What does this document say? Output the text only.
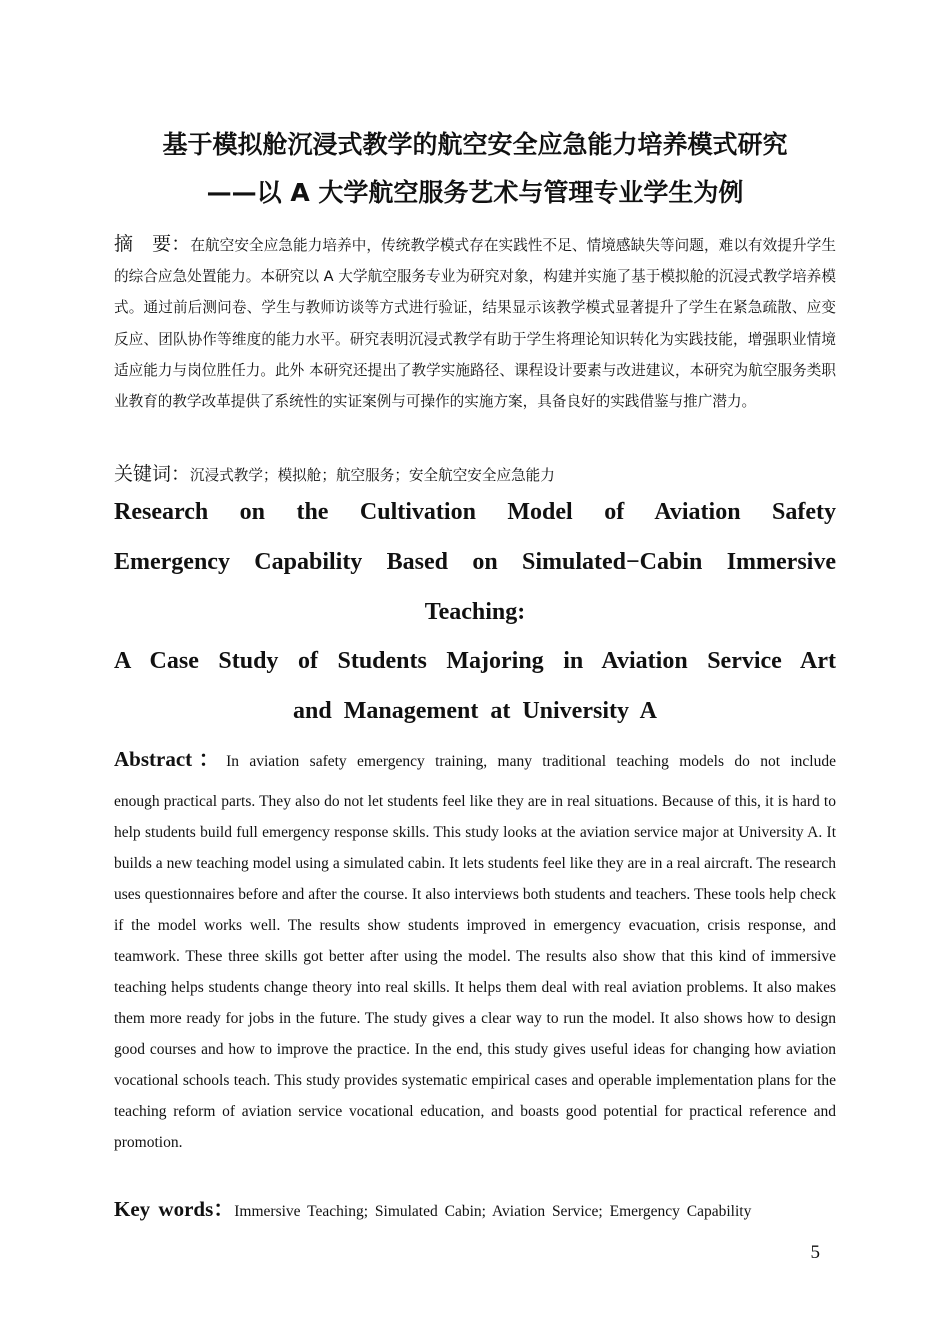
基于模拟舱沉浸式教学的航空安全应急能力培养模式研究
——以 A 大学航空服务艺术与管理专业学生为例
摘　要：在航空安全应急能力培养中，传统教学模式存在实践性不足、情境感缺失等问题，难以有效提升学生的综合应急处置能力。本研究以 A 大学航空服务专业为研究对象，构建并实施了基于模拟舱的沉浸式教学培养模式。通过前后测问卷、学生与教师访谈等方式进行验证，结果显示该教学模式显著提升了学生在紧急疏散、应变反应、团队协作等维度的能力水平。研究表明沉浸式教学有助于学生将理论知识转化为实践技能，增强职业情境适应能力与岗位胜任力。此外 本研究还提出了教学实施路径、课程设计要素与改进建议，本研究为航空服务类职业教育的教学改革提供了系统性的实证案例与可操作的实施方案，具备良好的实践借鉴与推广潜力。
关键词：沉浸式教学；模拟舱；航空服务；安全航空安全应急能力
Research on the Cultivation Model of Aviation Safety
Emergency Capability Based on Simulated−Cabin Immersive
Teaching:
A Case Study of Students Majoring in Aviation Service Art
and Management at University A
Abstract：In aviation safety emergency training, many traditional teaching models do not include
enough practical parts. They also do not let students feel like they are in real situations. Because of this, it is hard to help students build full emergency response skills. This study looks at the aviation service major at University A. It builds a new teaching model using a simulated cabin. It lets students feel like they are in a real aircraft. The research uses questionnaires before and after the course. It also interviews both students and teachers. These tools help check if the model works well. The results show students improved in emergency evacuation, crisis response, and teamwork. These three skills got better after using the model. The results also show that this kind of immersive teaching helps students change theory into real skills. It helps them deal with real aviation problems. It also makes them more ready for jobs in the future. The study gives a clear way to run the model. It also shows how to design good courses and how to improve the practice. In the end, this study gives useful ideas for changing how aviation vocational schools teach. This study provides systematic empirical cases and operable implementation plans for the teaching reform of aviation service vocational education, and boasts good potential for practical reference and promotion.
Key words：Immersive Teaching; Simulated Cabin; Aviation Service; Emergency Capability
5
